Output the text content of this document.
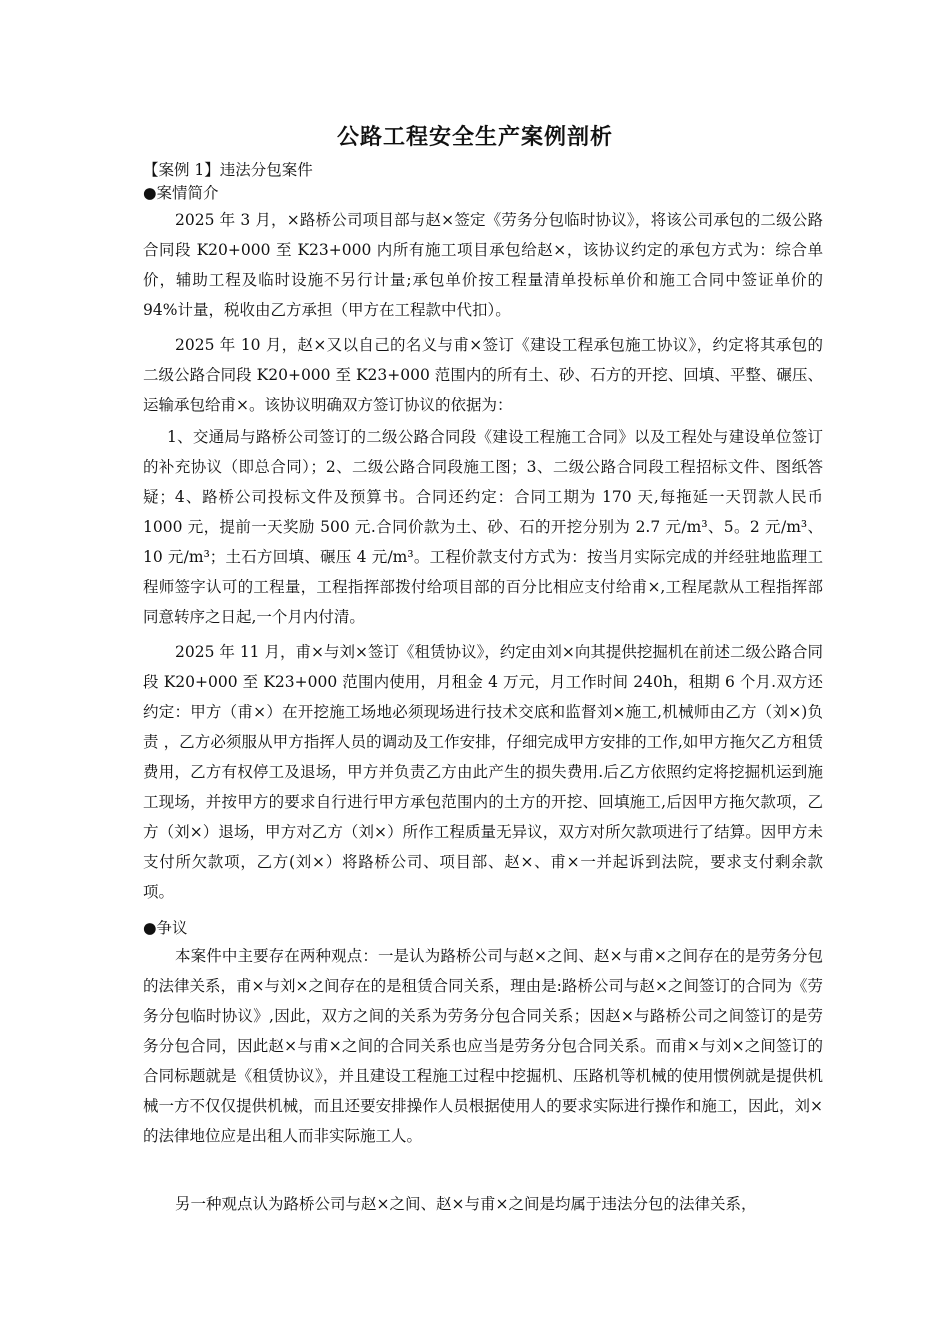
公路工程安全生产案例剖析
【案例 1】违法分包案件
●案情简介

2025 年 3 月，×路桥公司项目部与赵×签定《劳务分包临时协议》，将该公司承包的二级公路合同段 K20+000 至 K23+000 内所有施工项目承包给赵×，该协议约定的承包方式为：综合单价，辅助工程及临时设施不另行计量;承包单价按工程量清单投标单价和施工合同中签证单价的 94%计量，税收由乙方承担（甲方在工程款中代扣）。

2025 年 10 月，赵×又以自己的名义与甫×签订《建设工程承包施工协议》，约定将其承包的二级公路合同段 K20+000 至 K23+000 范围内的所有土、砂、石方的开挖、回填、平整、碾压、运输承包给甫×。该协议明确双方签订协议的依据为：

1、交通局与路桥公司签订的二级公路合同段《建设工程施工合同》以及工程处与建设单位签订的补充协议（即总合同）；2、二级公路合同段施工图；3、二级公路合同段工程招标文件、图纸答疑；4、路桥公司投标文件及预算书。合同还约定：合同工期为 170 天,每拖延一天罚款人民币 1000 元，提前一天奖励 500 元.合同价款为土、砂、石的开挖分别为 2.7 元/m³、5。2 元/m³、10 元/m³；土石方回填、碾压 4 元/m³。工程价款支付方式为：按当月实际完成的并经驻地监理工程师签字认可的工程量，工程指挥部拨付给项目部的百分比相应支付给甫×,工程尾款从工程指挥部同意转序之日起,一个月内付清。

2025 年 11 月，甫×与刘×签订《租赁协议》，约定由刘×向其提供挖掘机在前述二级公路合同段 K20+000 至 K23+000 范围内使用，月租金 4 万元，月工作时间 240h，租期 6 个月.双方还约定：甲方（甫×）在开挖施工场地必须现场进行技术交底和监督刘×施工,机械师由乙方（刘×)负责 ，乙方必须服从甲方指挥人员的调动及工作安排，仔细完成甲方安排的工作,如甲方拖欠乙方租赁费用，乙方有权停工及退场，甲方并负责乙方由此产生的损失费用.后乙方依照约定将挖掘机运到施工现场，并按甲方的要求自行进行甲方承包范围内的土方的开挖、回填施工,后因甲方拖欠款项，乙方（刘×）退场，甲方对乙方（刘×）所作工程质量无异议，双方对所欠款项进行了结算。因甲方未支付所欠款项，乙方(刘×）将路桥公司、项目部、赵×、甫×一并起诉到法院，要求支付剩余款项。

●争议

本案件中主要存在两种观点：一是认为路桥公司与赵×之间、赵×与甫×之间存在的是劳务分包的法律关系，甫×与刘×之间存在的是租赁合同关系，理由是:路桥公司与赵×之间签订的合同为《劳务分包临时协议》,因此，双方之间的关系为劳务分包合同关系；因赵×与路桥公司之间签订的是劳务分包合同，因此赵×与甫×之间的合同关系也应当是劳务分包合同关系。而甫×与刘×之间签订的合同标题就是《租赁协议》，并且建设工程施工过程中挖掘机、压路机等机械的使用惯例就是提供机械一方不仅仅提供机械，而且还要安排操作人员根据使用人的要求实际进行操作和施工，因此，刘×的法律地位应是出租人而非实际施工人。

另一种观点认为路桥公司与赵×之间、赵×与甫×之间是均属于违法分包的法律关系，
